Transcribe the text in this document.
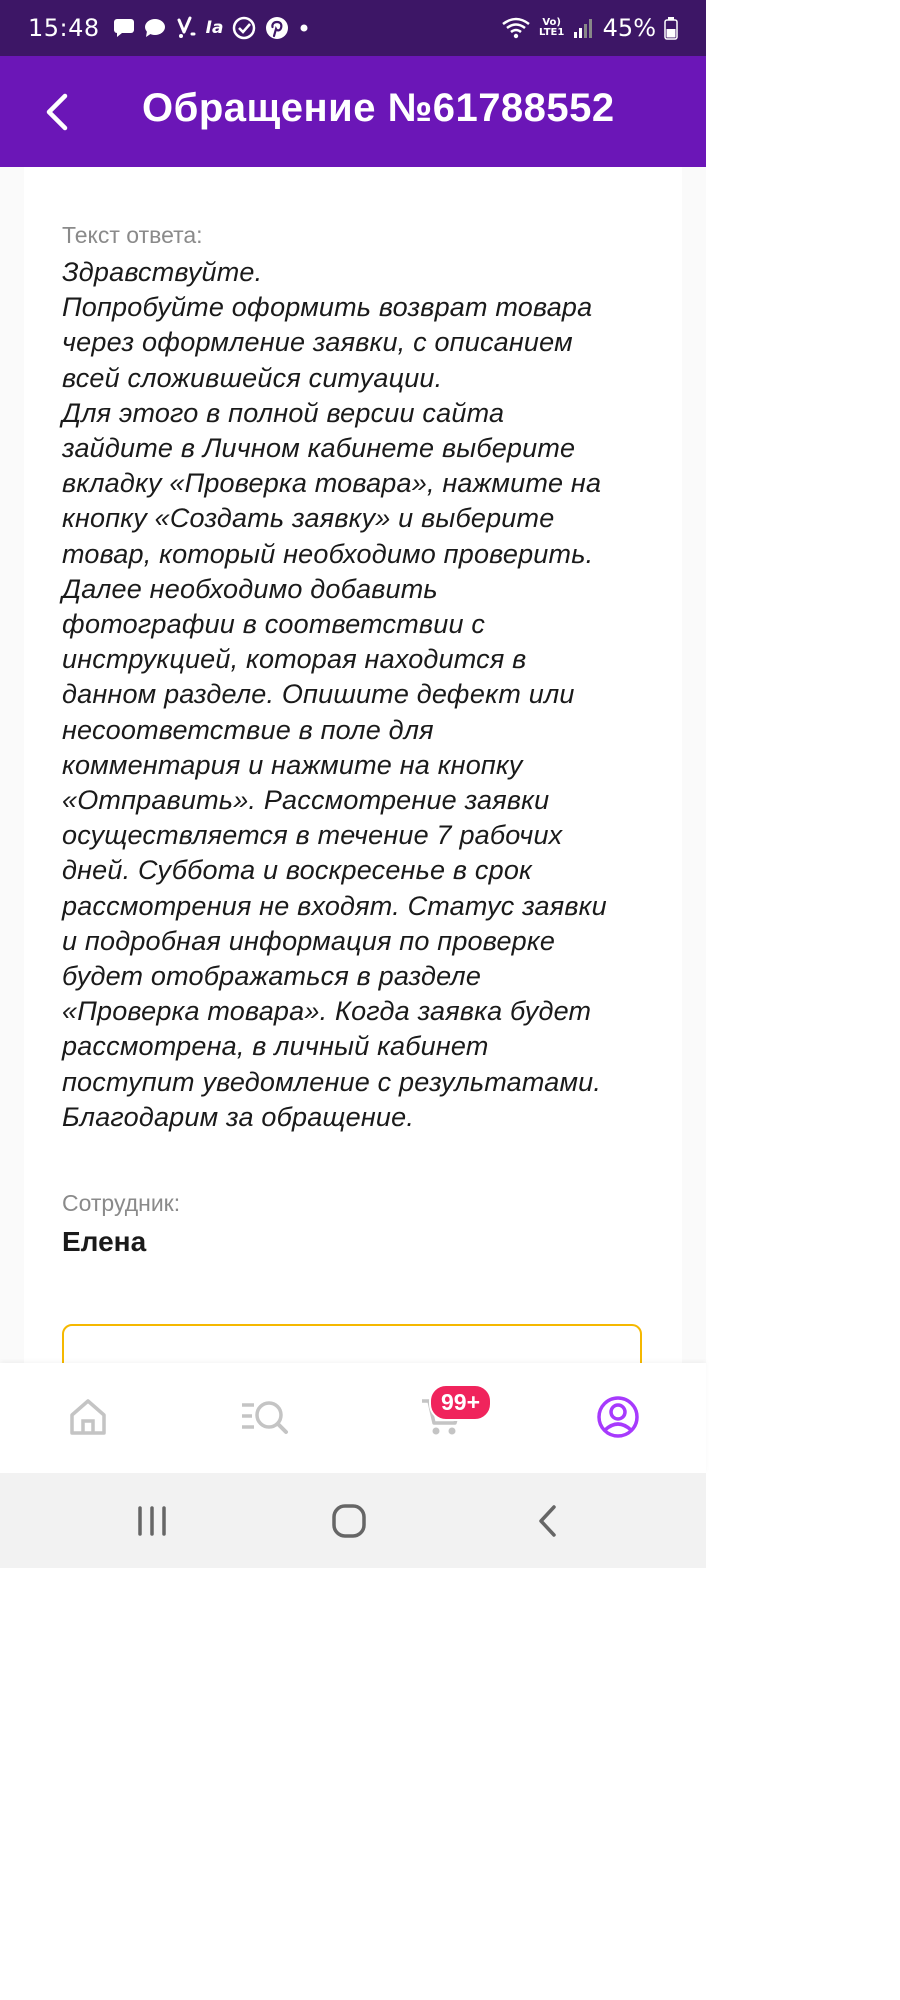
15:48	Ia	Vo) LTE1 45%
Обращение №61788552
Текст ответа:
Здравствуйте.
Попробуйте оформить возврат товара
через оформление заявки, с описанием
всей сложившейся ситуации.
Для этого в полной версии сайта
зайдите в Личном кабинете выберите
вкладку «Проверка товара», нажмите на
кнопку «Создать заявку» и выберите
товар, который необходимо проверить.
Далее необходимо добавить
фотографии в соответствии с
инструкцией, которая находится в
данном разделе. Опишите дефект или
несоответствие в поле для
комментария и нажмите на кнопку
«Отправить». Рассмотрение заявки
осуществляется в течение 7 рабочих
дней. Суббота и воскресенье в срок
рассмотрения не входят. Статус заявки
и подробная информация по проверке
будет отображаться в разделе
«Проверка товара». Когда заявка будет
рассмотрена, в личный кабинет
поступит уведомление с результатами.
Благодарим за обращение.
Сотрудник:
Елена
99+
